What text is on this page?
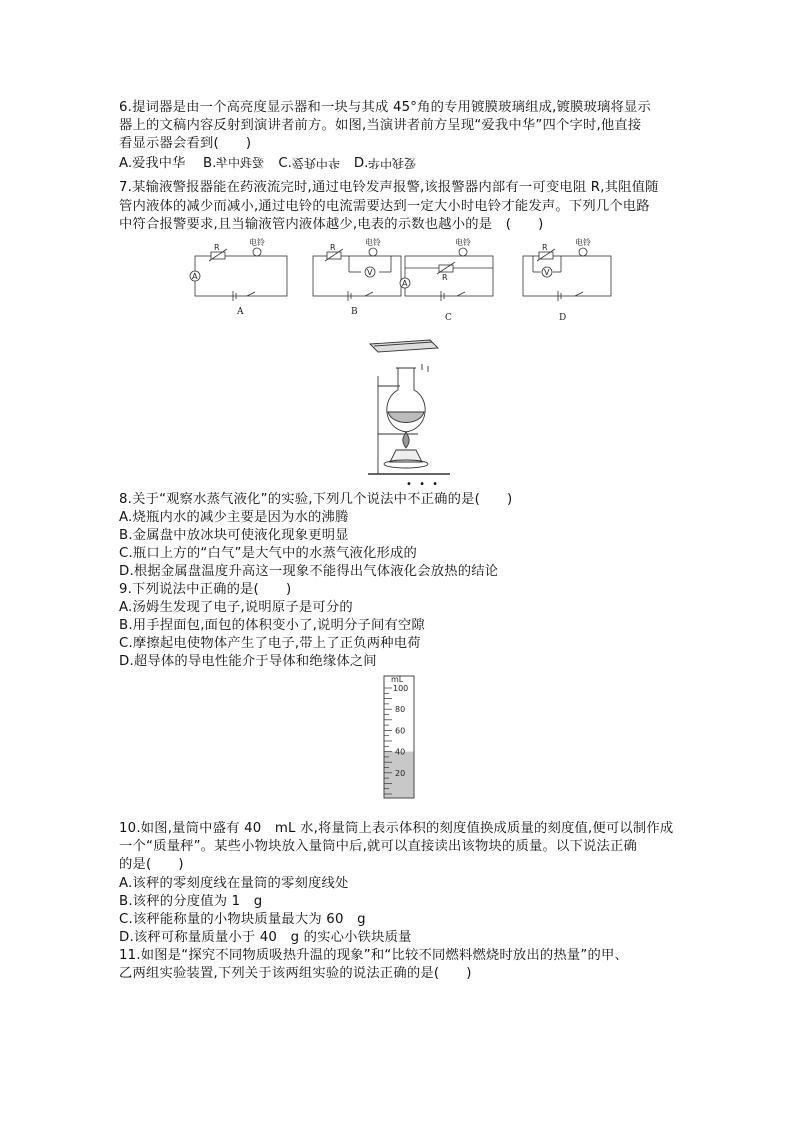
6.提词器是由一个高亮度显示器和一块与其成 45°角的专用镀膜玻璃组成,镀膜玻璃将显示
器上的文稿内容反射到演讲者前方。如图,当演讲者前方呈现“爱我中华”四个字时,他直接
看显示器会看到(　　)
A.爱我中华 B.爱我中华 C.爱我中华 D.爱我中华
7.某输液警报器能在药液流完时,通过电铃发声报警,该报警器内部有一可变电阻 R,其阻值随
管内液体的减少而减小,通过电铃的电流需要达到一定大小时电铃才能发声。下列几个电路
中符合报警要求,且当输液管内液体越少,电表的示数也越小的是　(　　)
A
R
电铃
A
R
电铃
V
B
A
R
电铃
C
R
电铃
V
D
• • •
8.关于“观察水蒸气液化”的实验,下列几个说法中不正确的是(　　)
A.烧瓶内水的减少主要是因为水的沸腾
B.金属盘中放冰块可使液化现象更明显
C.瓶口上方的“白气”是大气中的水蒸气液化形成的
D.根据金属盘温度升高这一现象不能得出气体液化会放热的结论
9.下列说法中正确的是(　　)
A.汤姆生发现了电子,说明原子是可分的
B.用手捏面包,面包的体积变小了,说明分子间有空隙
C.摩擦起电使物体产生了电子,带上了正负两种电荷
D.超导体的导电性能介于导体和绝缘体之间
mL
100
80
60
40
20
10.如图,量筒中盛有 40　mL 水,将量筒上表示体积的刻度值换成质量的刻度值,便可以制作成
一个“质量秤”。某些小物块放入量筒中后,就可以直接读出该物块的质量。以下说法正确
的是(　　)
A.该秤的零刻度线在量筒的零刻度线处
B.该秤的分度值为 1　g
C.该秤能称量的小物块质量最大为 60　g
D.该秤可称量质量小于 40　g 的实心小铁块质量
11.如图是“探究不同物质吸热升温的现象”和“比较不同燃料燃烧时放出的热量”的甲、
乙两组实验装置,下列关于该两组实验的说法正确的是(　　)
